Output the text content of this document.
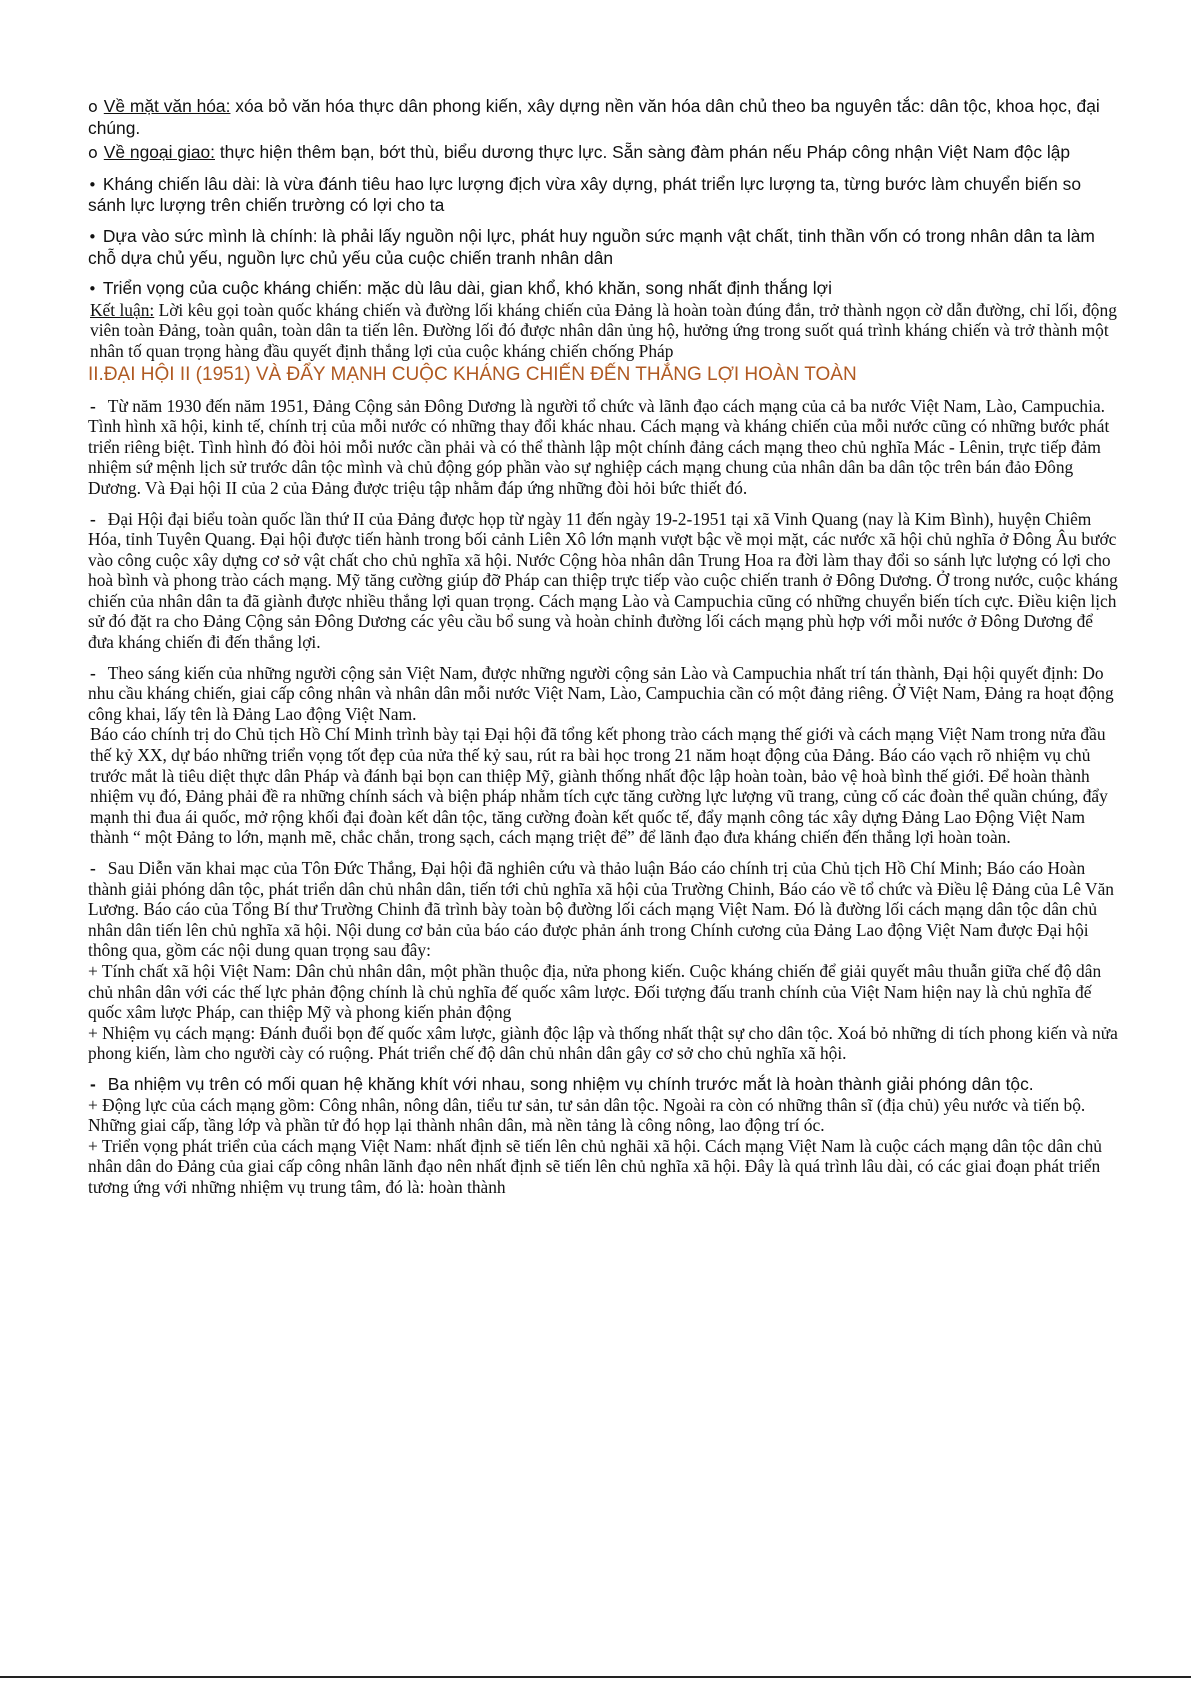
o Về mặt văn hóa: xóa bỏ văn hóa thực dân phong kiến, xây dựng nền văn hóa dân chủ theo ba nguyên tắc: dân tộc, khoa học, đại chúng.

o Về ngoại giao: thực hiện thêm bạn, bớt thù, biểu dương thực lực. Sẵn sàng đàm phán nếu Pháp công nhận Việt Nam độc lập

• Kháng chiến lâu dài: là vừa đánh tiêu hao lực lượng địch vừa xây dựng, phát triển lực lượng ta, từng bước làm chuyển biến so sánh lực lượng trên chiến trường có lợi cho ta

• Dựa vào sức mình là chính: là phải lấy nguồn nội lực, phát huy nguồn sức mạnh vật chất, tinh thần vốn có trong nhân dân ta làm chỗ dựa chủ yếu, nguồn lực chủ yếu của cuộc chiến tranh nhân dân

• Triển vọng của cuộc kháng chiến: mặc dù lâu dài, gian khổ, khó khăn, song nhất định thắng lợi

Kết luận: Lời kêu gọi toàn quốc kháng chiến và đường lối kháng chiến của Đảng là hoàn toàn đúng đắn, trở thành ngọn cờ dẫn đường, chỉ lối, động viên toàn Đảng, toàn quân, toàn dân ta tiến lên. Đường lối đó được nhân dân ủng hộ, hưởng ứng trong suốt quá trình kháng chiến và trở thành một nhân tố quan trọng hàng đầu quyết định thắng lợi của cuộc kháng chiến chống Pháp

II.ĐẠI HỘI II (1951) VÀ ĐẨY MẠNH CUỘC KHÁNG CHIẾN ĐẾN THẮNG LỢI HOÀN TOÀN

- Từ năm 1930 đến năm 1951, Đảng Cộng sản Đông Dương là người tổ chức và lãnh đạo cách mạng của cả ba nước Việt Nam, Lào, Campuchia. Tình hình xã hội, kinh tế, chính trị của mỗi nước có những thay đổi khác nhau. Cách mạng và kháng chiến của mỗi nước cũng có những bước phát triển riêng biệt. Tình hình đó đòi hỏi mỗi nước cần phải và có thể thành lập một chính đảng cách mạng theo chủ nghĩa Mác - Lênin, trực tiếp đảm nhiệm sứ mệnh lịch sử trước dân tộc mình và chủ động góp phần vào sự nghiệp cách mạng chung của nhân dân ba dân tộc trên bán đảo Đông Dương. Và Đại hội II của 2 của Đảng được triệu tập nhằm đáp ứng những đòi hỏi bức thiết đó.

- Đại Hội đại biểu toàn quốc lần thứ II của Đảng được họp từ ngày 11 đến ngày 19-2-1951 tại xã Vinh Quang (nay là Kim Bình), huyện Chiêm Hóa, tỉnh Tuyên Quang. Đại hội được tiến hành trong bối cảnh Liên Xô lớn mạnh vượt bậc về mọi mặt, các nước xã hội chủ nghĩa ở Đông Âu bước vào công cuộc xây dựng cơ sở vật chất cho chủ nghĩa xã hội. Nước Cộng hòa nhân dân Trung Hoa ra đời làm thay đổi so sánh lực lượng có lợi cho hoà bình và phong trào cách mạng. Mỹ tăng cường giúp đỡ Pháp can thiệp trực tiếp vào cuộc chiến tranh ở Đông Dương. Ở trong nước, cuộc kháng chiến của nhân dân ta đã giành được nhiều thắng lợi quan trọng. Cách mạng Lào và Campuchia cũng có những chuyển biến tích cực. Điều kiện lịch sử đó đặt ra cho Đảng Cộng sản Đông Dương các yêu cầu bổ sung và hoàn chỉnh đường lối cách mạng phù hợp với mỗi nước ở Đông Dương để đưa kháng chiến đi đến thắng lợi.

- Theo sáng kiến của những người cộng sản Việt Nam, được những người cộng sản Lào và Campuchia nhất trí tán thành, Đại hội quyết định: Do nhu cầu kháng chiến, giai cấp công nhân và nhân dân mỗi nước Việt Nam, Lào, Campuchia cần có một đảng riêng. Ở Việt Nam, Đảng ra hoạt động công khai, lấy tên là Đảng Lao động Việt Nam.

Báo cáo chính trị do Chủ tịch Hồ Chí Minh trình bày tại Đại hội đã tổng kết phong trào cách mạng thế giới và cách mạng Việt Nam trong nửa đầu thế kỷ XX, dự báo những triển vọng tốt đẹp của nửa thế kỷ sau, rút ra bài học trong 21 năm hoạt động của Đảng. Báo cáo vạch rõ nhiệm vụ chủ trước mắt là tiêu diệt thực dân Pháp và đánh bại bọn can thiệp Mỹ, giành thống nhất độc lập hoàn toàn, bảo vệ hoà bình thế giới. Để hoàn thành nhiệm vụ đó, Đảng phải đề ra những chính sách và biện pháp nhằm tích cực tăng cường lực lượng vũ trang, củng cố các đoàn thể quần chúng, đẩy mạnh thi đua ái quốc, mở rộng khối đại đoàn kết dân tộc, tăng cường đoàn kết quốc tế, đẩy mạnh công tác xây dựng Đảng Lao Động Việt Nam thành “ một Đảng to lớn, mạnh mẽ, chắc chắn, trong sạch, cách mạng triệt để” để lãnh đạo đưa kháng chiến đến thắng lợi hoàn toàn.

- Sau Diễn văn khai mạc của Tôn Đức Thắng, Đại hội đã nghiên cứu và thảo luận Báo cáo chính trị của Chủ tịch Hồ Chí Minh; Báo cáo Hoàn thành giải phóng dân tộc, phát triển dân chủ nhân dân, tiến tới chủ nghĩa xã hội của Trường Chinh, Báo cáo về tổ chức và Điều lệ Đảng của Lê Văn Lương. Báo cáo của Tổng Bí thư Trường Chinh đã trình bày toàn bộ đường lối cách mạng Việt Nam. Đó là đường lối cách mạng dân tộc dân chủ nhân dân tiến lên chủ nghĩa xã hội. Nội dung cơ bản của báo cáo được phản ánh trong Chính cương của Đảng Lao động Việt Nam được Đại hội thông qua, gồm các nội dung quan trọng sau đây:

+ Tính chất xã hội Việt Nam: Dân chủ nhân dân, một phần thuộc địa, nửa phong kiến. Cuộc kháng chiến để giải quyết mâu thuẫn giữa chế độ dân chủ nhân dân với các thế lực phản động chính là chủ nghĩa đế quốc xâm lược. Đối tượng đấu tranh chính của Việt Nam hiện nay là chủ nghĩa đế quốc xâm lược Pháp, can thiệp Mỹ và phong kiến phản động

+ Nhiệm vụ cách mạng: Đánh đuổi bọn đế quốc xâm lược, giành độc lập và thống nhất thật sự cho dân tộc. Xoá bỏ những di tích phong kiến và nửa phong kiến, làm cho người cày có ruộng. Phát triển chế độ dân chủ nhân dân gây cơ sở cho chủ nghĩa xã hội.

- Ba nhiệm vụ trên có mối quan hệ khăng khít với nhau, song nhiệm vụ chính trước mắt là hoàn thành giải phóng dân tộc.

+ Động lực của cách mạng gồm: Công nhân, nông dân, tiểu tư sản, tư sản dân tộc. Ngoài ra còn có những thân sĩ (địa chủ) yêu nước và tiến bộ. Những giai cấp, tầng lớp và phần tử đó họp lại thành nhân dân, mà nền tảng là công nông, lao động trí óc.

+ Triển vọng phát triển của cách mạng Việt Nam: nhất định sẽ tiến lên chủ nghãi xã hội. Cách mạng Việt Nam là cuộc cách mạng dân tộc dân chủ nhân dân do Đảng của giai cấp công nhân lãnh đạo nên nhất định sẽ tiến lên chủ nghĩa xã hội. Đây là quá trình lâu dài, có các giai đoạn phát triển tương ứng với những nhiệm vụ trung tâm, đó là: hoàn thành
